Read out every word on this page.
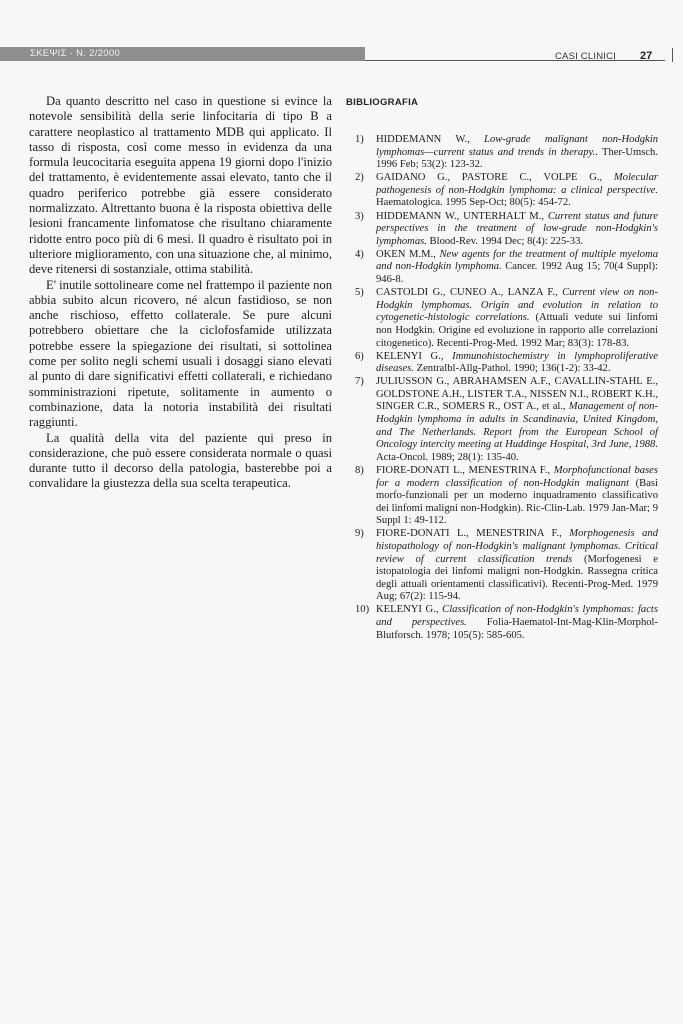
ΣΚΕΨΙΣ · N. 2/2000	CASI CLINICI 27

Da quanto descritto nel caso in questione si evince la notevole sensibilità della serie linfocitaria di tipo B a carattere neoplastico al trattamento MDB qui applicato. Il tasso di risposta, così come messo in evidenza da una formula leucocitaria eseguita appena 19 giorni dopo l'inizio del trattamento, è evidentemente assai elevato, tanto che il quadro periferico potrebbe già essere considerato normalizzato. Altrettanto buona è la risposta obiettiva delle lesioni francamente linfomatose che risultano chiaramente ridotte entro poco più di 6 mesi. Il quadro è risultato poi in ulteriore miglioramento, con una situazione che, al minimo, deve ritenersi di sostanziale, ottima stabilità.

E' inutile sottolineare come nel frattempo il paziente non abbia subito alcun ricovero, né alcun fastidioso, se non anche rischioso, effetto collaterale. Se pure alcuni potrebbero obiettare che la ciclofosfamide utilizzata potrebbe essere la spiegazione dei risultati, si sottolinea come per solito negli schemi usuali i dosaggi siano elevati al punto di dare significativi effetti collaterali, e richiedano somministrazioni ripetute, solitamente in aumento o combinazione, data la notoria instabilità dei risultati raggiunti.

La qualità della vita del paziente qui preso in considerazione, che può essere considerata normale o quasi durante tutto il decorso della patologia, basterebbe poi a convalidare la giustezza della sua scelta terapeutica.

BIBLIOGRAFIA
1)	HIDDEMANN W., Low-grade malignant non-Hodgkin lymphomas—current status and trends in therapy.. Ther-Umsch. 1996 Feb; 53(2): 123-32.
2)	GAIDANO G., PASTORE C., VOLPE G., Molecular pathogenesis of non-Hodgkin lymphoma: a clinical perspective. Haematologica. 1995 Sep-Oct; 80(5): 454-72.
3)	HIDDEMANN W., UNTERHALT M., Current status and future perspectives in the treatment of low-grade non-Hodgkin's lymphomas. Blood-Rev. 1994 Dec; 8(4): 225-33.
4)	OKEN M.M., New agents for the treatment of multiple myeloma and non-Hodgkin lymphoma. Cancer. 1992 Aug 15; 70(4 Suppl): 946-8.
5)	CASTOLDI G., CUNEO A., LANZA F., Current view on non-Hodgkin lymphomas. Origin and evolution in relation to cytogenetic-histologic correlations. (Attuali vedute sui linfomi non Hodgkin. Origine ed evoluzione in rapporto alle correlazioni citogenetico). Recenti-Prog-Med. 1992 Mar; 83(3): 178-83.
6)	KELENYI G., Immunohistochemistry in lymphoproliferative diseases. Zentralbl-Allg-Pathol. 1990; 136(1-2): 33-42.
7)	JULIUSSON G., ABRAHAMSEN A.F., CAVALLIN-STAHL E., GOLDSTONE A.H., LISTER T.A., NISSEN N.I., ROBERT K.H., SINGER C.R., SOMERS R., OST A., et al., Management of non-Hodgkin lymphoma in adults in Scandinavia, United Kingdom, and The Netherlands. Report from the European School of Oncology intercity meeting at Huddinge Hospital, 3rd June, 1988. Acta-Oncol. 1989; 28(1): 135-40.
8)	FIORE-DONATI L., MENESTRINA F., Morphofunctional bases for a modern classification of non-Hodgkin malignant (Basi morfo-funzionali per un moderno inquadramento classificativo dei linfomi maligni non-Hodgkin). Ric-Clin-Lab. 1979 Jan-Mar; 9 Suppl 1: 49-112.
9)	FIORE-DONATI L., MENESTRINA F., Morphogenesis and histopathology of non-Hodgkin's malignant lymphomas. Critical review of current classification trends (Morfogenesi e istopatologia dei linfomi maligni non-Hodgkin. Rassegna critica degli attuali orientamenti classificativi). Recenti-Prog-Med. 1979 Aug; 67(2): 115-94.
10) KELENYI G., Classification of non-Hodgkin's lymphomas: facts and perspectives. Folia-Haematol-Int-Mag-Klin-Morphol-Blutforsch. 1978; 105(5): 585-605.
